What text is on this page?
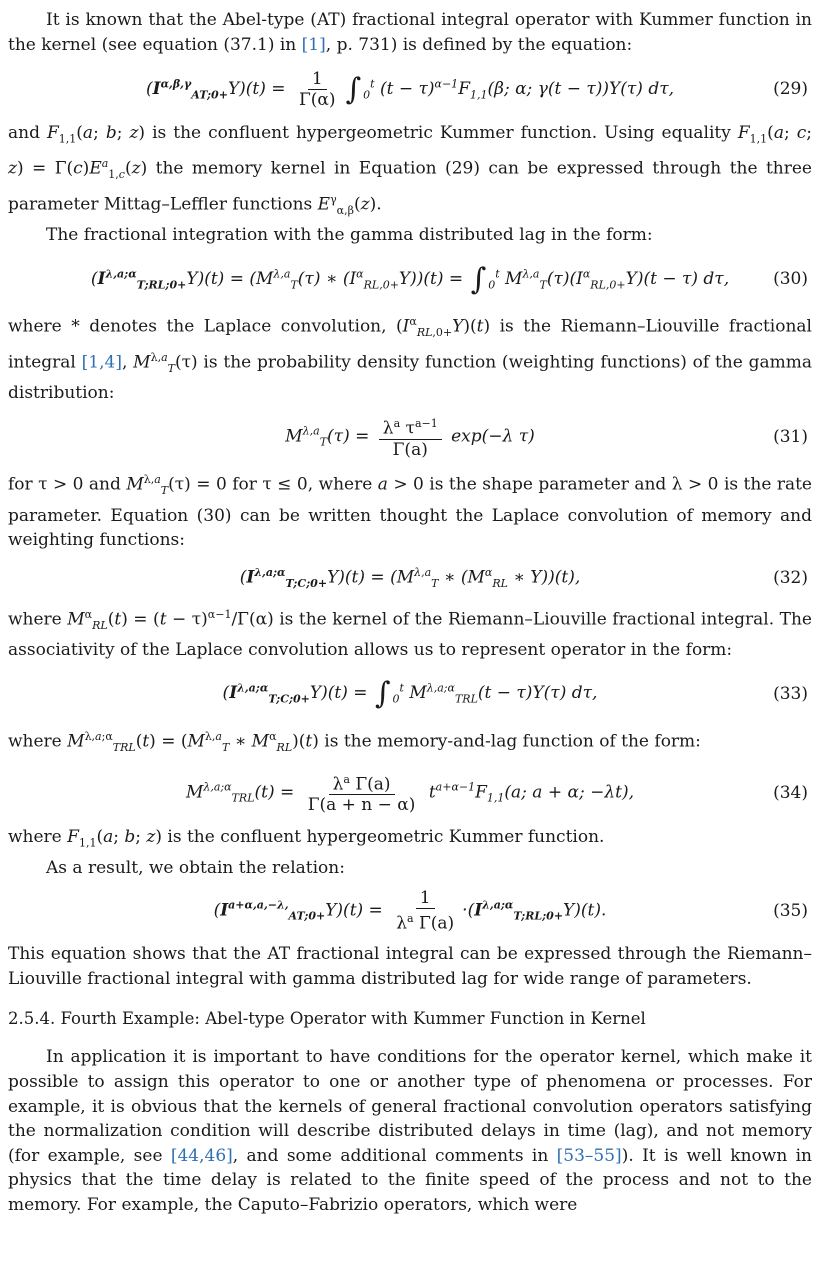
It is known that the Abel-type (AT) fractional integral operator with Kummer function in the kernel (see equation (37.1) in [1], p. 731) is defined by the equation:

$(I^{\alpha,\beta,\gamma}_{AT;0+}Y)(t) = \frac{1}{\Gamma(\alpha)}$ ∫ $_0^t$ $(t - \tau)^{\alpha-1}F_{1,1}(\beta$; α; γ(t − τ))Y(τ) dτ,	(29)

and $F_{1,1}(a$; b; z) is the confluent hypergeometric Kummer function. Using equality $F_{1,1}(a$; c; $z) = \Gamma(c)E^a_{1,c}(z)$ the memory kernel in Equation (29) can be expressed through the three parameter Mittag–Leffler functions $E^\gamma_{\alpha,\beta}(z)$.

The fractional integration with the gamma distributed lag in the form:

$(I^{\lambda,a;\alpha}_{T;RL;0+}Y)(t) = (M^{\lambda,a}_T(\tau)$ ∗ $(I^\alpha_{RL,0+}Y))(t)$ = ∫ $_0^t$ $M^{\lambda,a}_T(\tau)(I^\alpha_{RL,0+}Y)(t - \tau)$ dτ,	(30)

where * denotes the Laplace convolution, $(I^\alpha_{RL,0+}Y)(t)$ is the Riemann–Liouville fractional integral [1,4], $M^{\lambda,a}_T(\tau)$ is the probability density function (weighting functions) of the gamma distribution:

$M^{\lambda,a}_T(\tau) = \frac{\lambda^a \tau^{a-1}}{\Gamma(a)} \exp(-\lambda$ τ)	(31)

for τ > 0 and $M^{\lambda,a}_T(\tau) = 0$ for τ ≤ 0, where a > 0 is the shape parameter and λ > 0 is the rate parameter. Equation (30) can be written thought the Laplace convolution of memory and weighting functions:

$(I^{\lambda,a;\alpha}_{T;C;0+}Y)(t) = (M^{\lambda,a}_T$ ∗ ($M^\alpha_{RL}$ ∗ Y))(t),	(32)

where $M^\alpha_{RL}(t) = (t - \tau)^{\alpha-1}/\Gamma(\alpha)$ is the kernel of the Riemann–Liouville fractional integral. The associativity of the Laplace convolution allows us to represent operator in the form:

$(I^{\lambda,a;\alpha}_{T;C;0+}Y)(t)$ = ∫ $_0^t$ $M^{\lambda,a;\alpha}_{TRL}(t - \tau)Y(\tau)$ dτ,	(33)

where $M^{\lambda,a;\alpha}_{TRL}(t) = (M^{\lambda,a}_T$ ∗ $M^\alpha_{RL})(t)$ is the memory-and-lag function of the form:

$M^{\lambda,a;\alpha}_{TRL}(t) = \frac{\lambda^a \Gamma(a)}{\Gamma(a + n - \alpha)} t^{a+\alpha-1}F_{1,1}(a$; a + α; −λt),	(34)

where $F_{1,1}(a$; b; z) is the confluent hypergeometric Kummer function.

As a result, we obtain the relation:

$(I^{a+\alpha,a,-\lambda,}_{AT;0+}Y)(t) = \frac{1}{\lambda^a \Gamma(a)} \cdot(I^{\lambda,a;\alpha}_{T;RL;0+}Y)(t)$.	(35)

This equation shows that the AT fractional integral can be expressed through the Riemann–Liouville fractional integral with gamma distributed lag for wide range of parameters.

2.5.4. Fourth Example: Abel-type Operator with Kummer Function in Kernel

In application it is important to have conditions for the operator kernel, which make it possible to assign this operator to one or another type of phenomena or processes. For example, it is obvious that the kernels of general fractional convolution operators satisfying the normalization condition will describe distributed delays in time (lag), and not memory (for example, see [44,46], and some additional comments in [53–55]). It is well known in physics that the time delay is related to the finite speed of the process and not to the memory. For example, the Caputo–Fabrizio operators, which were
